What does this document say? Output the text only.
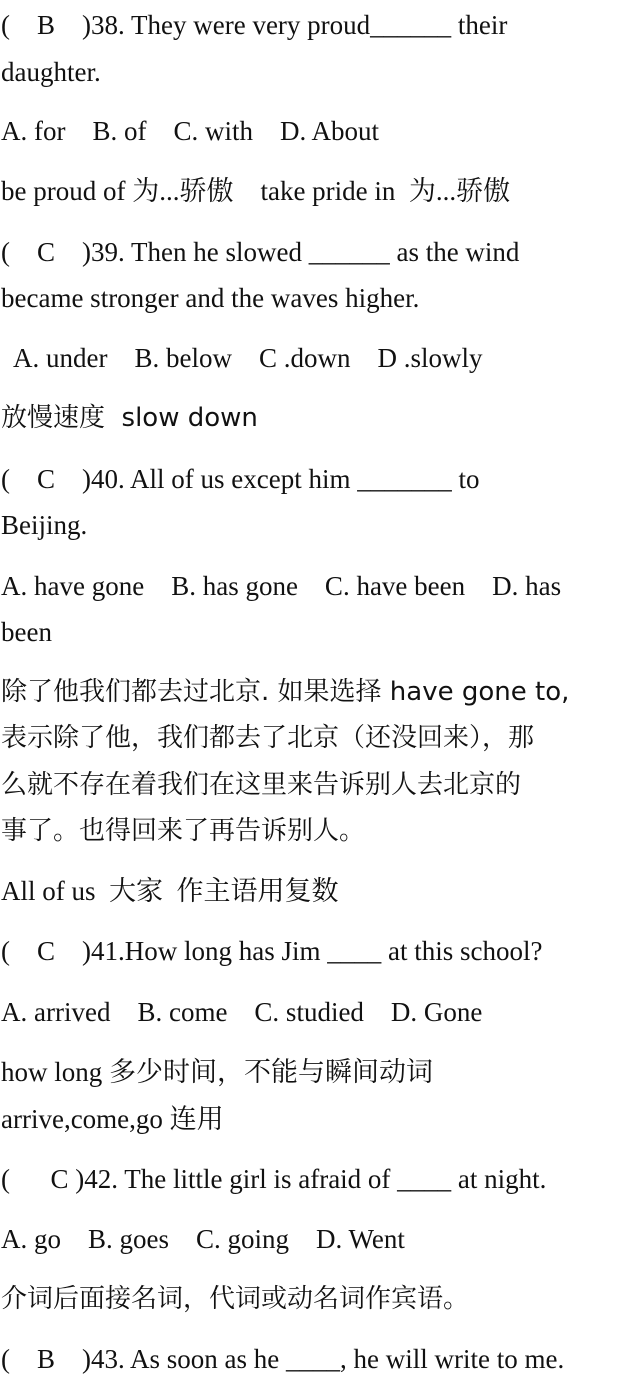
(    B    )38. They were very proud______ their
daughter.
A. for    B. of    C. with    D. About
be proud of 为...骄傲    take pride in  为...骄傲
(    C    )39. Then he slowed ______ as the wind
became stronger and the waves higher.
A. under    B. below    C .down    D .slowly
放慢速度  slow down
(    C    )40. All of us except him _______ to
Beijing.
A. have gone    B. has gone    C. have been    D. has
been
除了他我们都去过北京. 如果选择 have gone to,
表示除了他，我们都去了北京（还没回来），那
么就不存在着我们在这里来告诉别人去北京的
事了。也得回来了再告诉别人。
All of us  大家  作主语用复数
(    C    )41.How long has Jim ____ at this school?
A. arrived    B. come    C. studied    D. Gone
how long 多少时间，不能与瞬间动词
arrive,come,go 连用
(      C )42. The little girl is afraid of ____ at night.
A. go    B. goes    C. going    D. Went
介词后面接名词，代词或动名词作宾语。
(    B    )43. As soon as he ____, he will write to me.
